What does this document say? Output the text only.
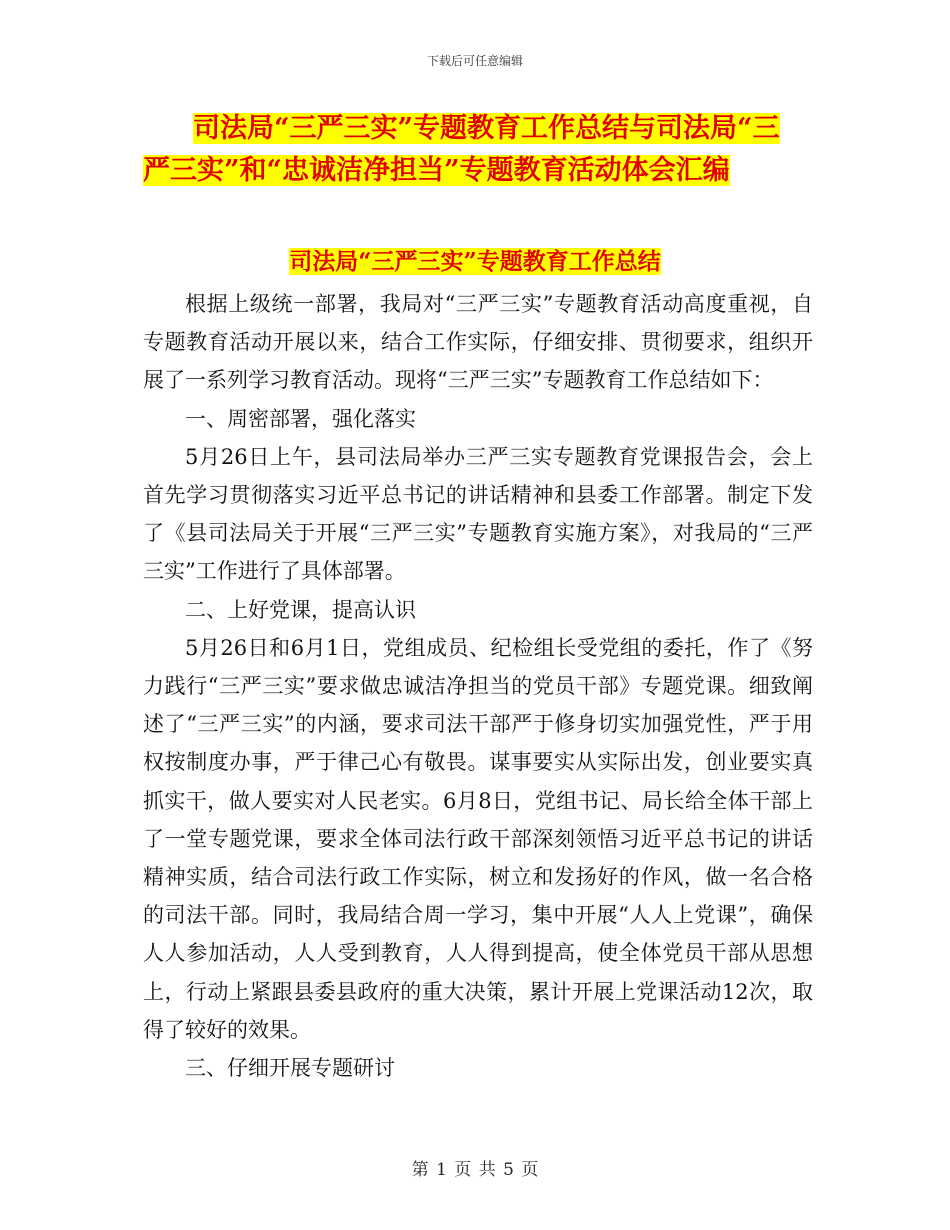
下载后可任意编辑
司法局“三严三实”专题教育工作总结与司法局“三
严三实”和“忠诚洁净担当”专题教育活动体会汇编
司法局“三严三实”专题教育工作总结

根据上级统一部署，我局对“三严三实”专题教育活动高度重视，自专题教育活动开展以来，结合工作实际，仔细安排、贯彻要求，组织开展了一系列学习教育活动。现将“三严三实”专题教育工作总结如下：

一、周密部署，强化落实

5月26日上午，县司法局举办三严三实专题教育党课报告会，会上首先学习贯彻落实习近平总书记的讲话精神和县委工作部署。制定下发了《县司法局关于开展“三严三实”专题教育实施方案》，对我局的“三严三实”工作进行了具体部署。

二、上好党课，提高认识

5月26日和6月1日，党组成员、纪检组长受党组的委托，作了《努力践行“三严三实”要求做忠诚洁净担当的党员干部》专题党课。细致阐述了“三严三实”的内涵，要求司法干部严于修身切实加强党性，严于用权按制度办事，严于律己心有敬畏。谋事要实从实际出发，创业要实真抓实干，做人要实对人民老实。6月8日，党组书记、局长给全体干部上了一堂专题党课，要求全体司法行政干部深刻领悟习近平总书记的讲话精神实质，结合司法行政工作实际，树立和发扬好的作风，做一名合格的司法干部。同时，我局结合周一学习，集中开展“人人上党课”，确保人人参加活动，人人受到教育，人人得到提高，使全体党员干部从思想上，行动上紧跟县委县政府的重大决策，累计开展上党课活动12次，取得了较好的效果。

三、仔细开展专题研讨

第 1 页 共 5 页
